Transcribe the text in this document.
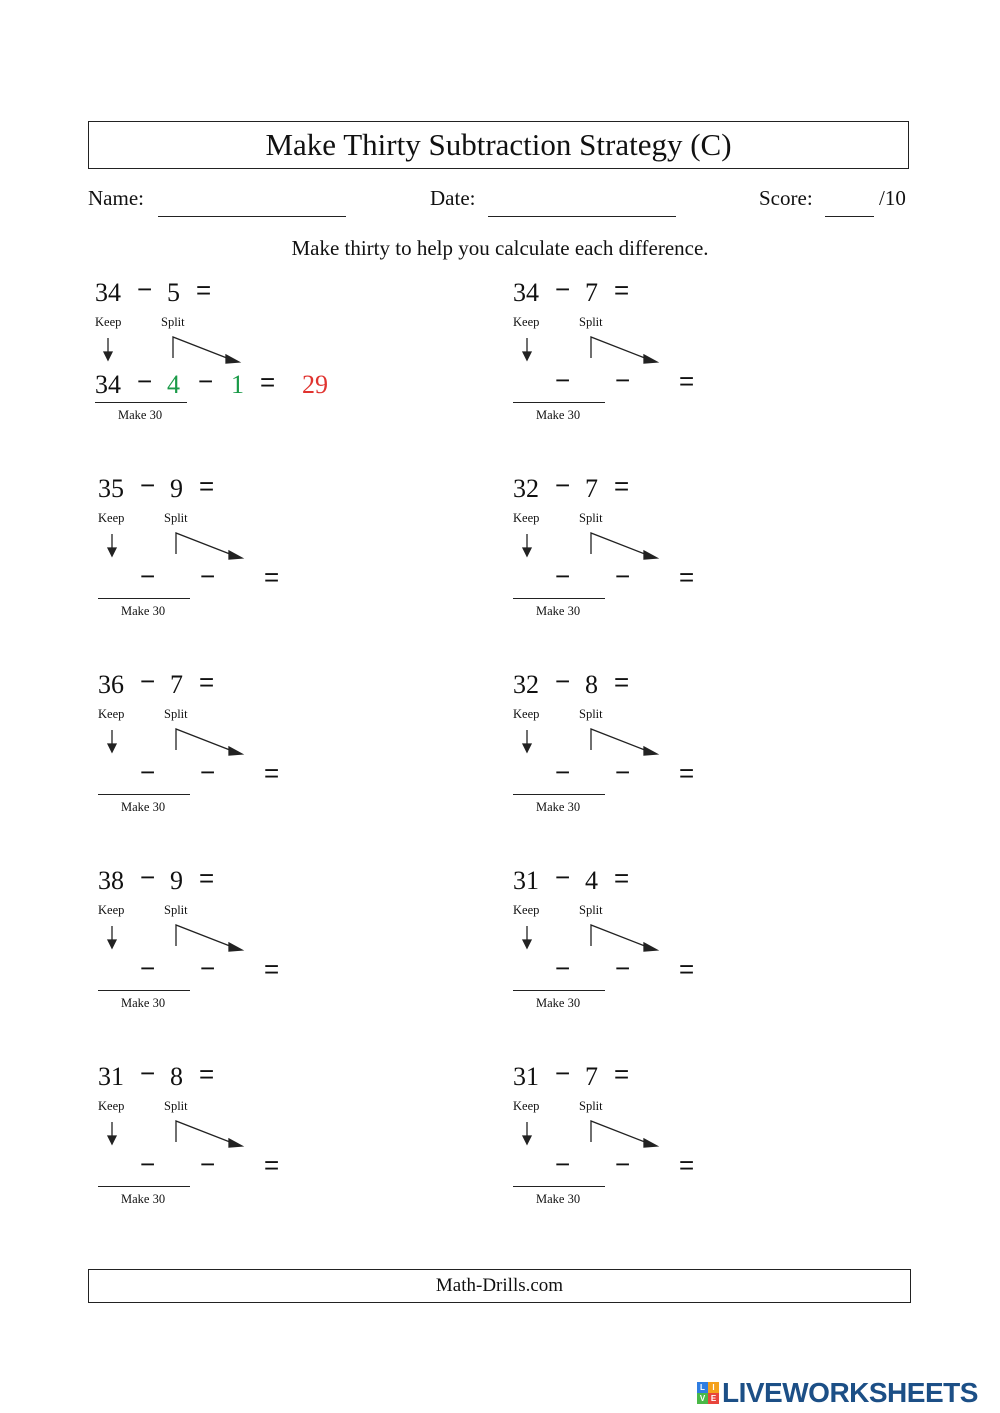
Make Thirty Subtraction Strategy (C)
Name:	Date:	Score:	/10
Make thirty to help you calculate each difference.
34 − 5 =
Keep	Split
34 − 4 − 1 = 29
Make 30
34 − 7 =
Keep	Split
− − =
Make 30
35 − 9 =
Keep	Split
− − =
Make 30
32 − 7 =
Keep	Split
− − =
Make 30
36 − 7 =
Keep	Split
− − =
Make 30
32 − 8 =
Keep	Split
− − =
Make 30
38 − 9 =
Keep	Split
− − =
Make 30
31 − 4 =
Keep	Split
− − =
Make 30
31 − 8 =
Keep	Split
− − =
Make 30
31 − 7 =
Keep	Split
− − =
Make 30
Math-Drills.com
L I
V E LIVEWORKSHEETS
